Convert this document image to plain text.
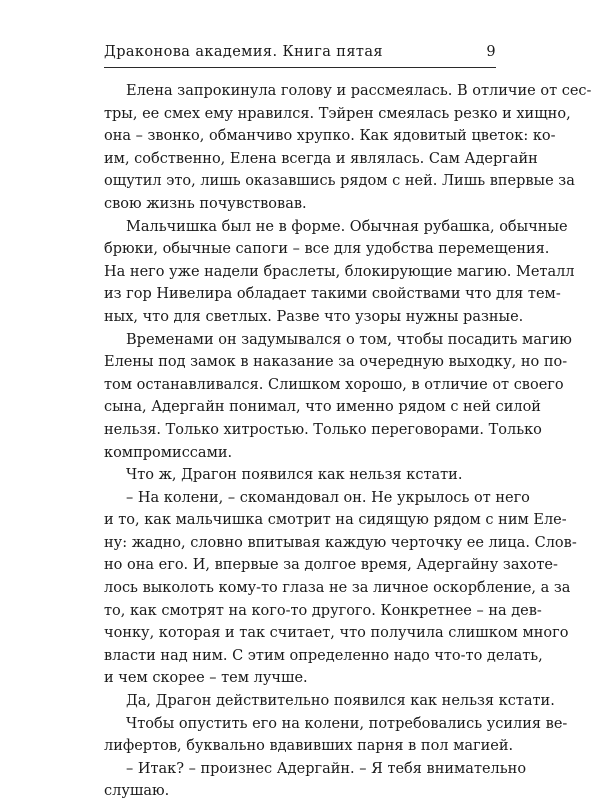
Драконова академия. Книга пятая	9
Елена запрокинула голову и рассмеялась. В отличие от сес-
тры, ее смех ему нравился. Тэйрен смеялась резко и хищно,
она – звонко, обманчиво хрупко. Как ядовитый цветок: ко-
им, собственно, Елена всегда и являлась. Сам Адергайн
ощутил это, лишь оказавшись рядом с ней. Лишь впервые за
свою жизнь почувствовав.
Мальчишка был не в форме. Обычная рубашка, обычные
брюки, обычные сапоги – все для удобства перемещения.
На него уже надели браслеты, блокирующие магию. Металл
из гор Нивелира обладает такими свойствами что для тем-
ных, что для светлых. Разве что узоры нужны разные.
Временами он задумывался о том, чтобы посадить магию
Елены под замок в наказание за очередную выходку, но по-
том останавливался. Слишком хорошо, в отличие от своего
сына, Адергайн понимал, что именно рядом с ней силой
нельзя. Только хитростью. Только переговорами. Только
компромиссами.
Что ж, Драгон появился как нельзя кстати.
– На колени, – скомандовал он. Не укрылось от него
и то, как мальчишка смотрит на сидящую рядом с ним Еле-
ну: жадно, словно впитывая каждую черточку ее лица. Слов-
но она его. И, впервые за долгое время, Адергайну захоте-
лось выколоть кому-то глаза не за личное оскорбление, а за
то, как смотрят на кого-то другого. Конкретнее – на дев-
чонку, которая и так считает, что получила слишком много
власти над ним. С этим определенно надо что-то делать,
и чем скорее – тем лучше.
Да, Драгон действительно появился как нельзя кстати.
Чтобы опустить его на колени, потребовались усилия ве-
лифертов, буквально вдавивших парня в пол магией.
– Итак? – произнес Адергайн. – Я тебя внимательно
слушаю.
